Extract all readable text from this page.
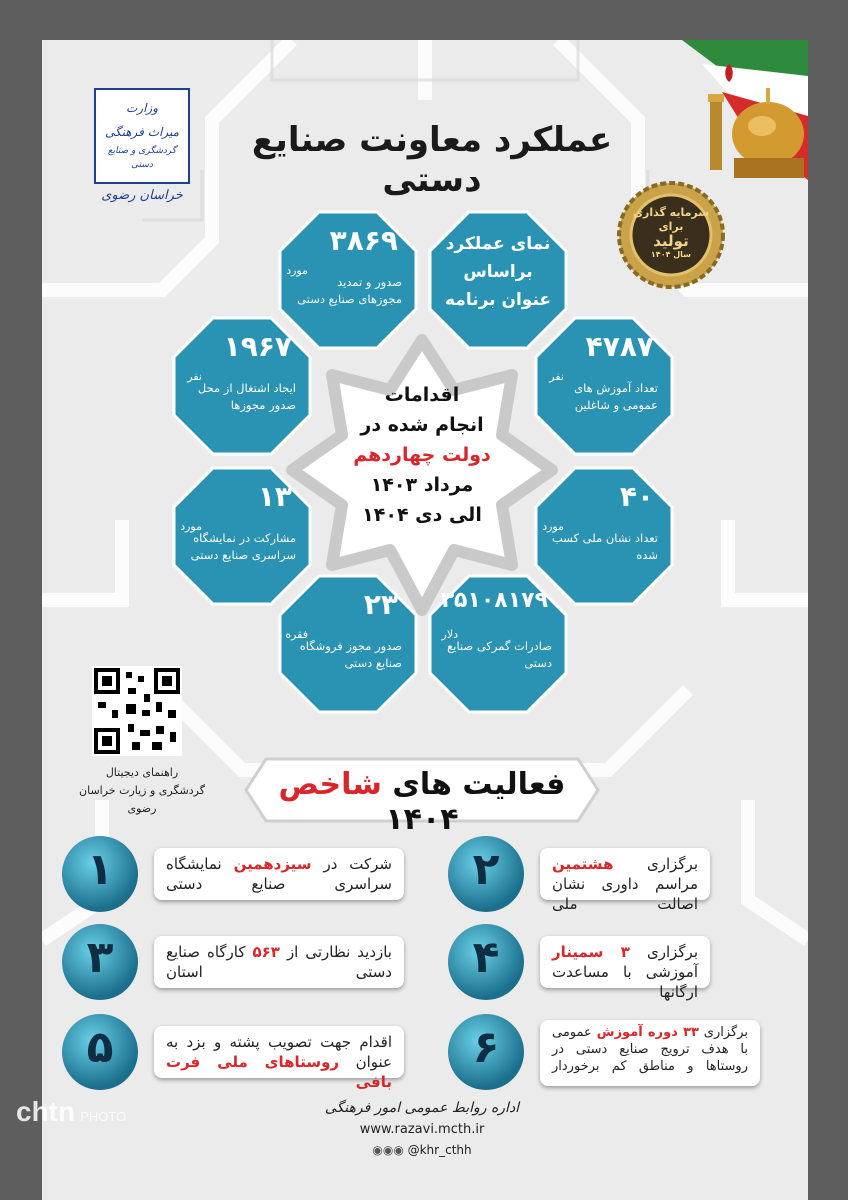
وزارت
میراث فرهنگی
گردشگری و صنایع دستی
خراسان رضوی
عملکرد معاونت صنایع دستی
سرمایه گذاری
برای
تولید
سال ۱۴۰۴
اقدامات
انجام شده در
دولت چهاردهم
مرداد ۱۴۰۳
الی دی ۱۴۰۴
نمای عملکرد
براساس
عنوان برنامه
۳۸۶۹
مورد
صدور و تمدید مجوزهای صنایع دستی
۱۹۶۷
نفر
ایجاد اشتغال از محل صدور مجوزها
۴۷۸۷
نفر
تعداد آموزش های عمومی و شاغلین
۱۳
مورد
مشارکت در نمایشگاه سراسری صنایع دستی
۴۰
مورد
تعداد نشان ملی کسب شده
۲۳
فقره
صدور مجوز فروشگاه صنایع دستی
۳۵۱۰۸۱۷۹
دلار
صادرات گمرکی صنایع دستی
راهنمای دیجیتال
گردشگری و زیارت خراسان رضوی
فعالیت های شاخص ۱۴۰۴
شرکت در سیزدهمین نمایشگاه سراسری صنایع دستی
۱	برگزاری هشتمین مراسم داوری نشان اصالت ملی
۲
بازدید نظارتی از ۵۶۳ کارگاه صنایع دستی استان
۳	برگزاری ۳ سمینار آموزشی با مساعدت ارگانها
۴
اقدام جهت تصویب پشته و بزد به عنوان روستاهای ملی فرت بافی
۵	برگزاری ۳۳ دوره آموزش عمومی با هدف ترویج صنایع دستی در روستاها و مناطق کم برخوردار
۶
اداره روابط عمومی امور فرهنگی
www.razavi.mcth.ir
◉◉◉ @khr_cthh
chtn PHOTO
